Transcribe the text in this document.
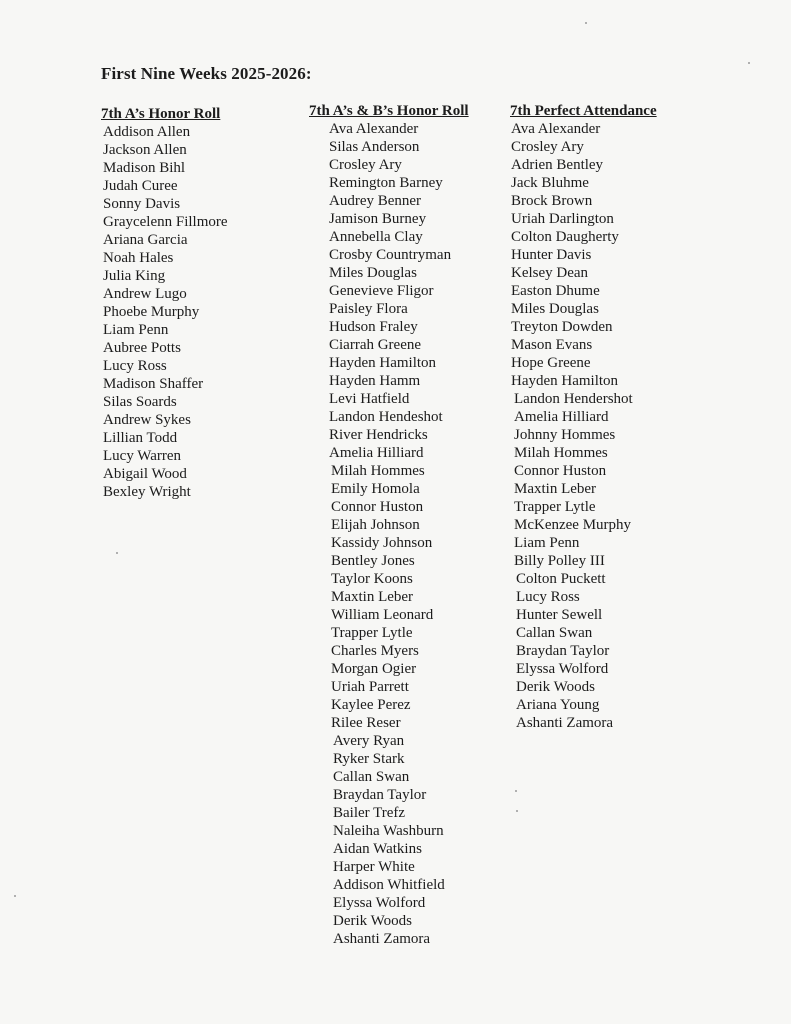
First Nine Weeks 2025-2026:
7th A’s Honor Roll
Addison Allen
Jackson Allen
Madison Bihl
Judah Curee
Sonny Davis
Graycelenn Fillmore
Ariana Garcia
Noah Hales
Julia King
Andrew Lugo
Phoebe Murphy
Liam Penn
Aubree Potts
Lucy Ross
Madison Shaffer
Silas Soards
Andrew Sykes
Lillian Todd
Lucy Warren
Abigail Wood
Bexley Wright
7th A’s & B’s Honor Roll
Ava Alexander
Silas Anderson
Crosley Ary
Remington Barney
Audrey Benner
Jamison Burney
Annebella Clay
Crosby Countryman
Miles Douglas
Genevieve Fligor
Paisley Flora
Hudson Fraley
Ciarrah Greene
Hayden Hamilton
Hayden Hamm
Levi Hatfield
Landon Hendeshot
River Hendricks
Amelia Hilliard
Milah Hommes
Emily Homola
Connor Huston
Elijah Johnson
Kassidy Johnson
Bentley Jones
Taylor Koons
Maxtin Leber
William Leonard
Trapper Lytle
Charles Myers
Morgan Ogier
Uriah Parrett
Kaylee Perez
Rilee Reser
Avery Ryan
Ryker Stark
Callan Swan
Braydan Taylor
Bailer Trefz
Naleiha Washburn
Aidan Watkins
Harper White
Addison Whitfield
Elyssa Wolford
Derik Woods
Ashanti Zamora
7th Perfect Attendance
Ava Alexander
Crosley Ary
Adrien Bentley
Jack Bluhme
Brock Brown
Uriah Darlington
Colton Daugherty
Hunter Davis
Kelsey Dean
Easton Dhume
Miles Douglas
Treyton Dowden
Mason Evans
Hope Greene
Hayden Hamilton
Landon Hendershot
Amelia Hilliard
Johnny Hommes
Milah Hommes
Connor Huston
Maxtin Leber
Trapper Lytle
McKenzee Murphy
Liam Penn
Billy Polley III
Colton Puckett
Lucy Ross
Hunter Sewell
Callan Swan
Braydan Taylor
Elyssa Wolford
Derik Woods
Ariana Young
Ashanti Zamora
